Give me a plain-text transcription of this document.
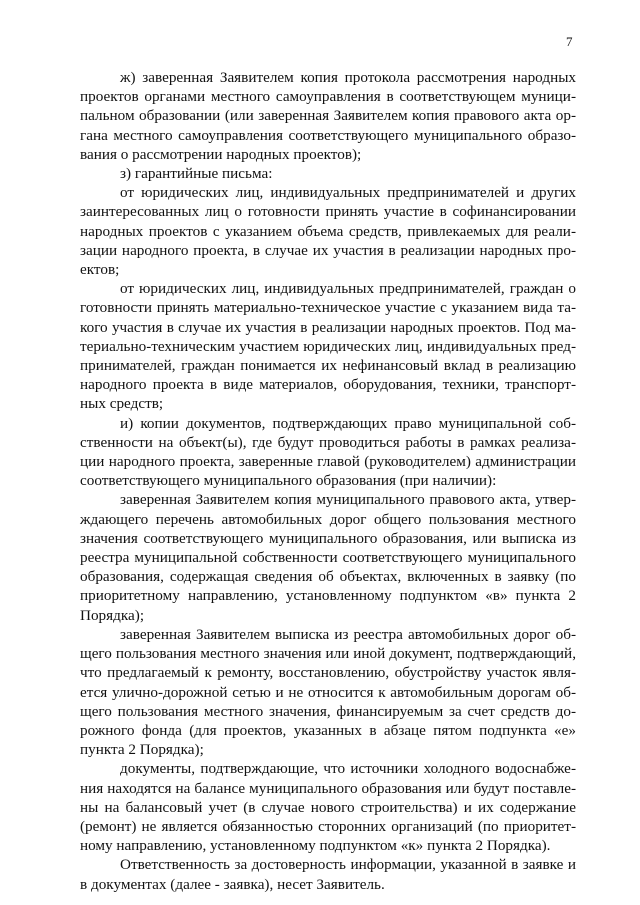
7

ж) заверенная Заявителем копия протокола рассмотрения народных проектов органами местного самоуправления в соответствующем муниципальном образовании (или заверенная Заявителем копия правового акта органа местного самоуправления соответствующего муниципального образования о рассмотрении народных проектов);

з) гарантийные письма:

от юридических лиц, индивидуальных предпринимателей и других заинтересованных лиц о готовности принять участие в софинансировании народных проектов с указанием объема средств, привлекаемых для реализации народного проекта, в случае их участия в реализации народных проектов;

от юридических лиц, индивидуальных предпринимателей, граждан о готовности принять материально-техническое участие с указанием вида такого участия в случае их участия в реализации народных проектов. Под материально-техническим участием юридических лиц, индивидуальных предпринимателей, граждан понимается их нефинансовый вклад в реализацию народного проекта в виде материалов, оборудования, техники, транспортных средств;

и) копии документов, подтверждающих право муниципальной собственности на объект(ы), где будут проводиться работы в рамках реализации народного проекта, заверенные главой (руководителем) администрации соответствующего муниципального образования (при наличии):

заверенная Заявителем копия муниципального правового акта, утверждающего перечень автомобильных дорог общего пользования местного значения соответствующего муниципального образования, или выписка из реестра муниципальной собственности соответствующего муниципального образования, содержащая сведения об объектах, включенных в заявку (по приоритетному направлению, установленному подпунктом «в» пункта 2 Порядка);

заверенная Заявителем выписка из реестра автомобильных дорог общего пользования местного значения или иной документ, подтверждающий, что предлагаемый к ремонту, восстановлению, обустройству участок является улично-дорожной сетью и не относится к автомобильным дорогам общего пользования местного значения, финансируемым за счет средств дорожного фонда (для проектов, указанных в абзаце пятом подпункта «е» пункта 2 Порядка);

документы, подтверждающие, что источники холодного водоснабжения находятся на балансе муниципального образования или будут поставлены на балансовый учет (в случае нового строительства) и их содержание (ремонт) не является обязанностью сторонних организаций (по приоритетному направлению, установленному подпунктом «к» пункта 2 Порядка).

Ответственность за достоверность информации, указанной в заявке и в документах (далее - заявка), несет Заявитель.
